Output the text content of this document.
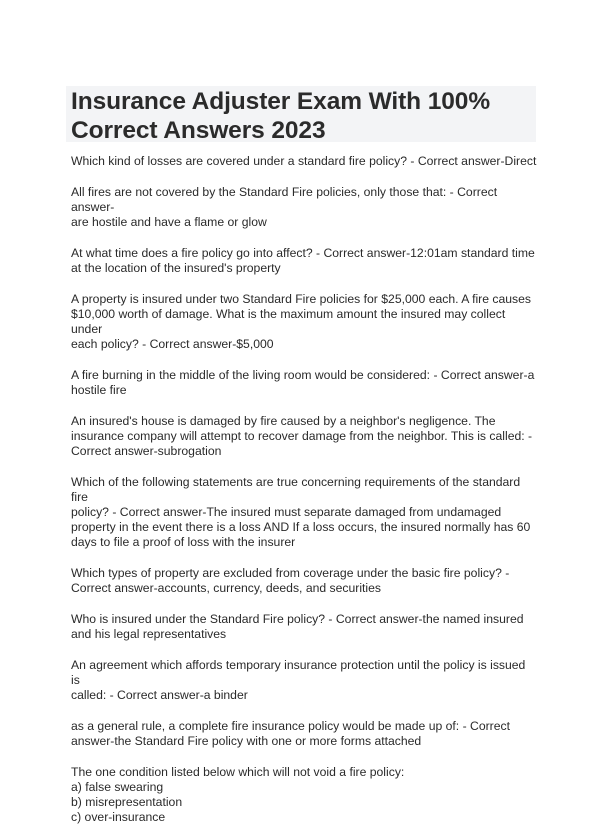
Insurance Adjuster Exam With 100%
Correct Answers 2023

Which kind of losses are covered under a standard fire policy? - Correct answer-Direct

All fires are not covered by the Standard Fire policies, only those that: - Correct answer-
are hostile and have a flame or glow

At what time does a fire policy go into affect? - Correct answer-12:01am standard time
at the location of the insured's property

A property is insured under two Standard Fire policies for $25,000 each. A fire causes
$10,000 worth of damage. What is the maximum amount the insured may collect under
each policy? - Correct answer-$5,000

A fire burning in the middle of the living room would be considered: - Correct answer-a
hostile fire

An insured's house is damaged by fire caused by a neighbor's negligence. The
insurance company will attempt to recover damage from the neighbor. This is called: -
Correct answer-subrogation

Which of the following statements are true concerning requirements of the standard fire
policy? - Correct answer-The insured must separate damaged from undamaged
property in the event there is a loss AND If a loss occurs, the insured normally has 60
days to file a proof of loss with the insurer

Which types of property are excluded from coverage under the basic fire policy? -
Correct answer-accounts, currency, deeds, and securities

Who is insured under the Standard Fire policy? - Correct answer-the named insured
and his legal representatives

An agreement which affords temporary insurance protection until the policy is issued is
called: - Correct answer-a binder

as a general rule, a complete fire insurance policy would be made up of: - Correct
answer-the Standard Fire policy with one or more forms attached

The one condition listed below which will not void a fire policy:

a) false swearing
b) misrepresentation
c) over-insurance
